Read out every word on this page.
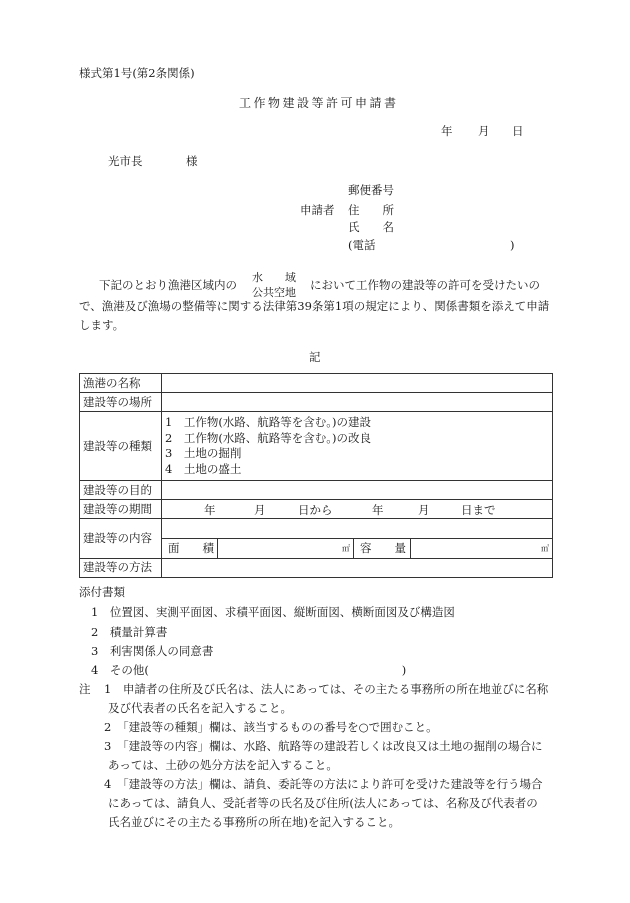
様式第1号(第2条関係)
工作物建設等許可申請書
年 月 日
光市長	様
郵便番号
申請者 住　　所
氏　　名
(電話	)
下記のとおり漁港区域内の
水　　域
公共空地
において工作物の建設等の許可を受けたいの
で、漁港及び漁場の整備等に関する法律第39条第1項の規定により、関係書類を添えて申請
します。
記
漁港の名称	
建設等の場所	
建設等の種類	
1　工作物(水路、航路等を含む。)の建設
2　工作物(水路、航路等を含む。)の改良
3　土地の掘削
4　土地の盛土

建設等の目的	
建設等の期間	年	月	日から	年	月	日まで

建設等の内容	

面　　積	㎡ 容　　量	㎥

建設等の方法	
添付書類
1　位置図、実測平面図、求積平面図、縦断面図、横断面図及び構造図
2　積量計算書
3　利害関係人の同意書
4　その他(　　　　　　　　　　　　　　　　　　　　　　)
注 1　申請者の住所及び氏名は、法人にあっては、その主たる事務所の所在地並びに名称
及び代表者の氏名を記入すること。
2　「建設等の種類」欄は、該当するものの番号を○で囲むこと。
3　「建設等の内容」欄は、水路、航路等の建設若しくは改良又は土地の掘削の場合に
あっては、土砂の処分方法を記入すること。
4　「建設等の方法」欄は、請負、委託等の方法により許可を受けた建設等を行う場合
にあっては、請負人、受託者等の氏名及び住所(法人にあっては、名称及び代表者の
氏名並びにその主たる事務所の所在地)を記入すること。
